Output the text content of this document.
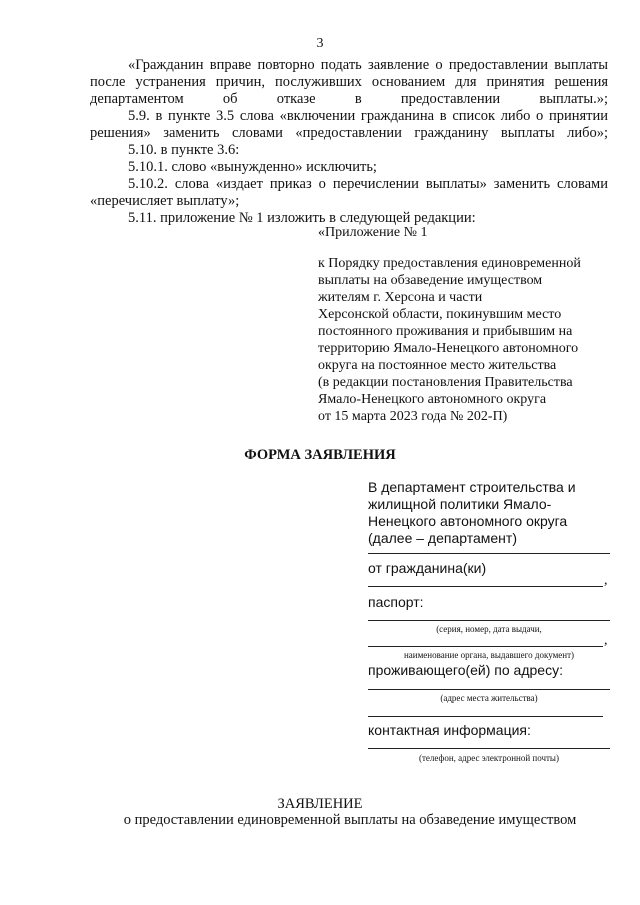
3

«Гражданин вправе повторно подать заявление о предоставлении выплаты после устранения причин, послуживших основанием для принятия решения департаментом об отказе в предоставлении выплаты.»;

5.9. в пункте 3.5 слова «включении гражданина в список либо о принятии решения» заменить словами «предоставлении гражданину выплаты либо»;

5.10. в пункте 3.6:

5.10.1. слово «вынужденно» исключить;

5.10.2. слова «издает приказ о перечислении выплаты» заменить словами «перечисляет выплату»;

5.11. приложение № 1 изложить в следующей редакции:

«Приложение № 1
к Порядку предоставления единовременной
выплаты на обзаведение имуществом
жителям г. Херсона и части
Херсонской области, покинувшим место
постоянного проживания и прибывшим на
территорию Ямало-Ненецкого автономного
округа на постоянное место жительства
(в редакции постановления Правительства
Ямало-Ненецкого автономного округа
от 15 марта 2023 года № 202-П)
ФОРМА ЗАЯВЛЕНИЯ
В департамент строительства и
жилищной политики Ямало-
Ненецкого автономного округа
(далее – департамент)
от гражданина(ки)
,
паспорт:
(серия, номер, дата выдачи,
,
наименование органа, выдавшего документ)
проживающего(ей) по адресу:
(адрес места жительства)
контактная информация:
(телефон, адрес электронной почты)
ЗАЯВЛЕНИЕ
о предоставлении единовременной выплаты на обзаведение имуществом
